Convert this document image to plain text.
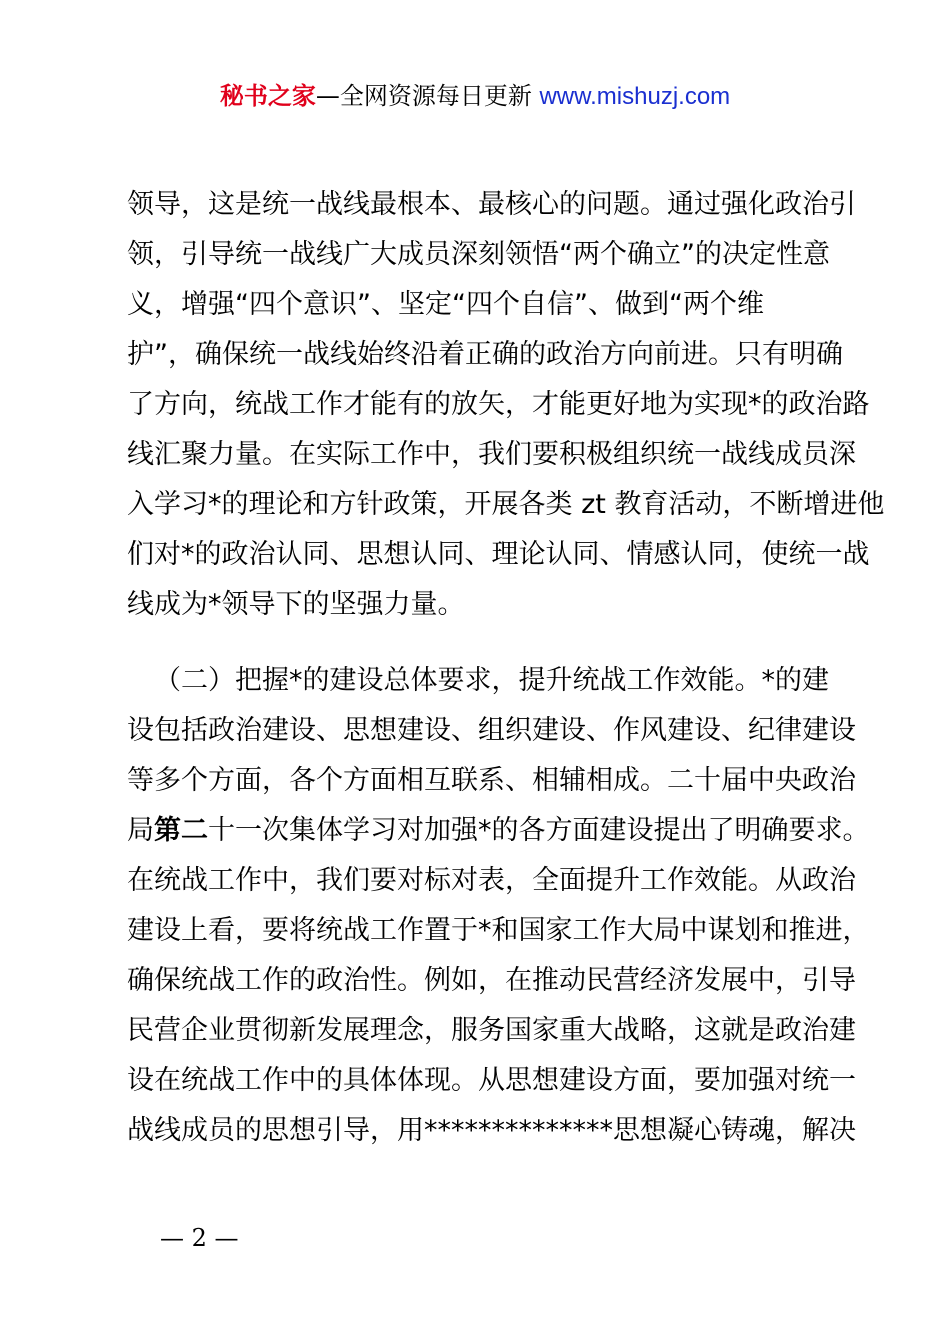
秘书之家—全网资源每日更新 www.mishuzj.com
领导，这是统一战线最根本、最核心的问题。通过强化政治引
领，引导统一战线广大成员深刻领悟“两个确立”的决定性意
义，增强“四个意识”、坚定“四个自信”、做到“两个维
护”，确保统一战线始终沿着正确的政治方向前进。只有明确
了方向，统战工作才能有的放矢，才能更好地为实现*的政治路
线汇聚力量。在实际工作中，我们要积极组织统一战线成员深
入学习*的理论和方针政策，开展各类 zt 教育活动，不断增进他
们对*的政治认同、思想认同、理论认同、情感认同，使统一战
线成为*领导下的坚强力量。
（二）把握*的建设总体要求，提升统战工作效能。*的建
设包括政治建设、思想建设、组织建设、作风建设、纪律建设
等多个方面，各个方面相互联系、相辅相成。二十届中央政治
局第二十一次集体学习对加强*的各方面建设提出了明确要求。
在统战工作中，我们要对标对表，全面提升工作效能。从政治
建设上看，要将统战工作置于*和国家工作大局中谋划和推进，
确保统战工作的政治性。例如，在推动民营经济发展中，引导
民营企业贯彻新发展理念，服务国家重大战略，这就是政治建
设在统战工作中的具体体现。从思想建设方面，要加强对统一
战线成员的思想引导，用**************思想凝心铸魂，解决
— 2 —
